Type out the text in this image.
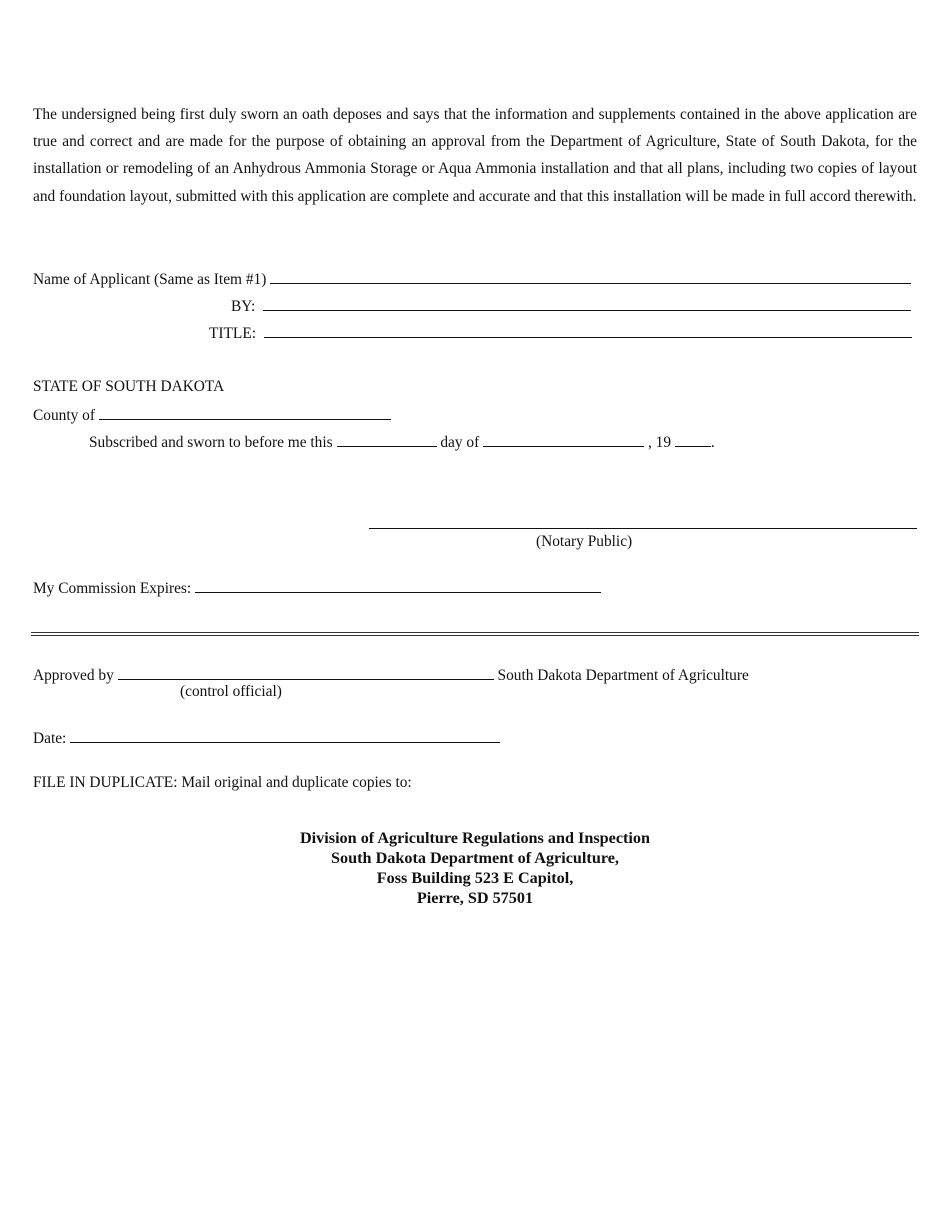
The undersigned being first duly sworn an oath deposes and says that the information and supplements contained in the above application are true and correct and are made for the purpose of obtaining an approval from the Department of Agriculture, State of South Dakota, for the installation or remodeling of an Anhydrous Ammonia Storage or Aqua Ammonia installation and that all plans, including two copies of layout and foundation layout, submitted with this application are complete and accurate and that this installation will be made in full accord therewith.

Name of Applicant (Same as Item #1)
BY:
TITLE:
STATE OF SOUTH DAKOTA
County of
Subscribed and sworn to before me this	day of	, 19	.
(Notary Public)
My Commission Expires:
Approved by	South Dakota Department of Agriculture
(control official)
Date:
FILE IN DUPLICATE: Mail original and duplicate copies to:
Division of Agriculture Regulations and Inspection
South Dakota Department of Agriculture,
Foss Building 523 E Capitol,
Pierre, SD 57501
